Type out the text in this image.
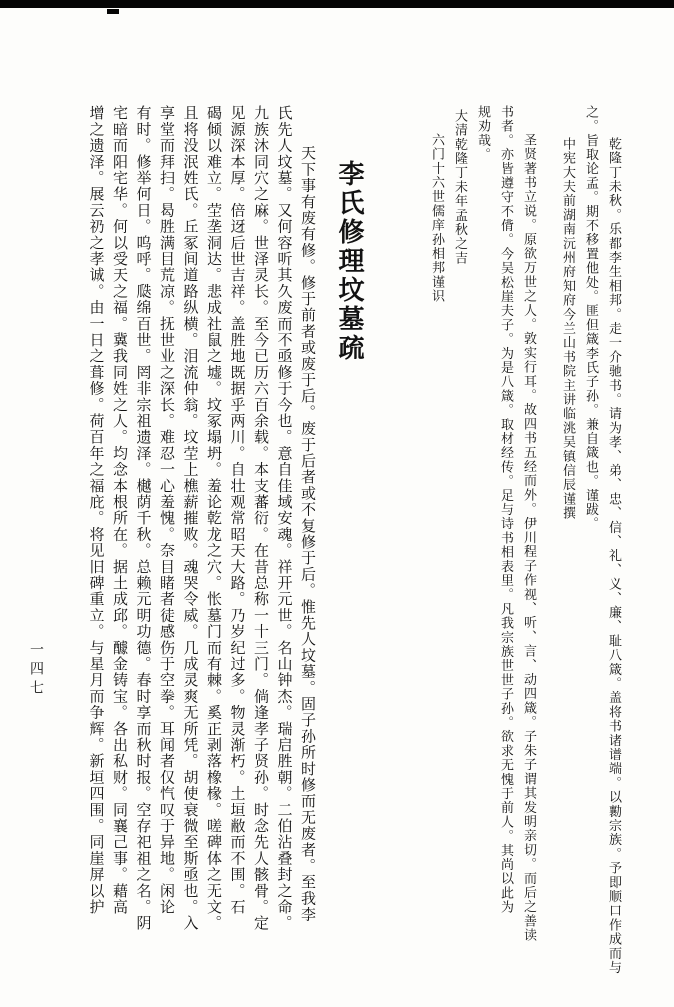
乾隆丁未秋。乐都李生相邦。走一介驰书。请为孝、弟、忠、信、礼、义、廉、耻八箴。盖将书诸谱端。以勷宗族。予即顺口作成而与
之。旨取论孟。期不移置他处。匪但箴李氏子孙。兼自箴也。谨跋。
中宪大夫前湖南沅州府知府今兰山书院主讲临洮吴镇信辰谨撰
圣贤著书立说。原欲万世之人。敦实行耳。故四书五经而外。伊川程子作视、听、言、动四箴。子朱子谓其发明亲切。而后之善读
书者。亦皆遵守不偝。今吴松崖夫子。为是八箴。取材经传。足与诗书相表里。凡我宗族世世子孙。欲求无愧于前人。其尚以此为
规劝哉。
大清乾隆丁未年孟秋之吉
六门十六世儒庠孙相邦谨识
李氏修理坟墓疏
天下事有废有修。修于前者或废于后。废于后者或不复修于后。惟先人坟墓。固子孙所时修而无废者。至我李
氏先人坟墓。又何容听其久废而不亟修于今也。意自佳域安魂。祥开元世。名山钟杰。瑞启胜朝。二伯沾叠封之命。
九族沐同穴之麻。世泽灵长。至今已历六百余载。本支蕃衍。在昔总称一十三门。倘逢孝子贤孙。时念先人骸骨。定
见源深本厚。倍迓后世吉祥。盖胜地既据乎两川。自壮观常昭天大路。乃岁纪过多。物灵渐朽。土垣敝而不围。石
碣倾以难立。茔垄洞达。悲成社鼠之墟。坟冢塌坍。羞论乾龙之穴。怅墓门而有棘。奚正剥落橡椽。嗟碑体之无文。
且将没泯姓氏。丘冢间道路纵横。泪流仲翁。坟茔上樵薪摧败。魂哭令威。几成灵爽无所凭。胡使衰微至斯亟也。入
享堂而拜扫。曷胜满目荒凉。抚世业之深长。难忍一心羞愧。奈目睹者徒感伤于空拳。耳闻者仅忾叹于异地。闲论
有时。修举何日。呜呼。瓞绵百世。罔非宗祖遗泽。樾荫千秋。总赖元明功德。春时享而秋时报。空存祀祖之名。阴
宅暗而阳宅华。何以受天之福。冀我同姓之人。均念本根所在。据土成邱。醵金铸宝。各出私财。同襄己事。藉高
增之遗泽。展云礽之孝诚。由一日之葺修。荷百年之福庇。将见旧碑重立。与星月而争辉。新垣四围。同崖屏以护
一四七
